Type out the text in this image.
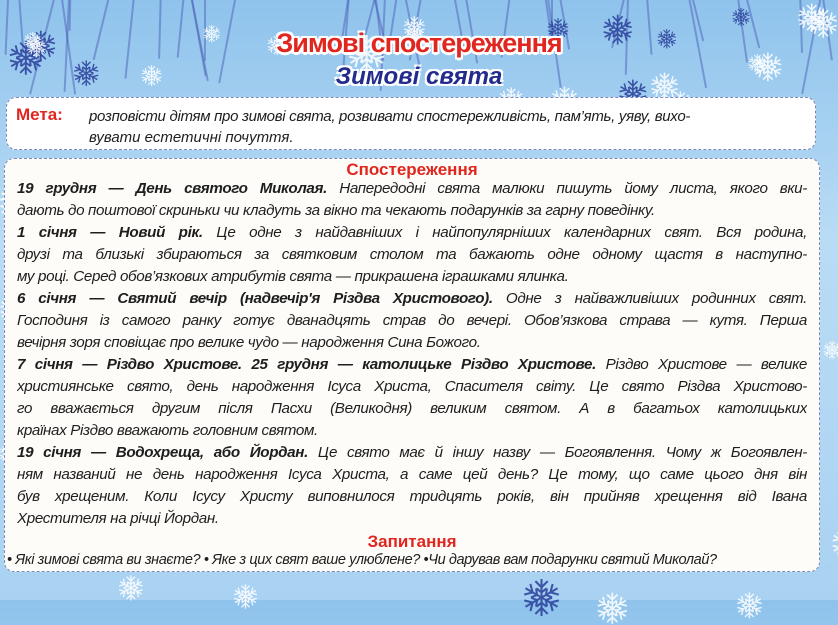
Зимові спостереження
Зимові свята
Мета: розповісти дітям про зимові свята, розвивати спостережливість, пам’ять, уяву, вихо-
вувати естетичні почуття.
Спостереження
19 грудня — День святого Миколая. Напередодні свята малюки пишуть йому листа, якого вки-
дають до поштової скриньки чи кладуть за вікно та чекають подарунків за гарну поведінку.
1 січня — Новий рік. Це одне з найдавніших і найпопулярніших календарних свят. Вся родина,
друзі та близькі збираються за святковим столом та бажають одне одному щастя в наступно-
му році. Серед обов’язкових атрибутів свята — прикрашена іграшками ялинка.
6 січня — Святий вечір (надвечір'я Різдва Христового). Одне з найважливіших родинних свят.
Господиня із самого ранку готує дванадцять страв до вечері. Обов’язкова страва — кутя. Перша
вечірня зоря сповіщає про велике чудо — народження Сина Божого.
7 січня — Різдво Христове. 25 грудня — католицьке Різдво Христове. Різдво Христове — велике
християнське свято, день народження Ісуса Христа, Спасителя світу. Це свято Різдва Христово-
го вважається другим після Пасхи (Великодня) великим святом. А в багатьох католицьких
країнах Різдво вважають головним святом.
19 січня — Водохреща, або Йордан. Це свято має й іншу назву — Богоявлення. Чому ж Богоявлен-
ням названий не день народження Ісуса Христа, а саме цей день? Це тому, що саме цього дня він
був хрещеним. Коли Ісусу Христу виповнилося тридцять років, він прийняв хрещення від Івана
Хрестителя на річці Йордан.
Запитання
• Які зимові свята ви знаєте? • Яке з цих свят ваше улюблене? •Чи дарував вам подарунки святий Миколай?
